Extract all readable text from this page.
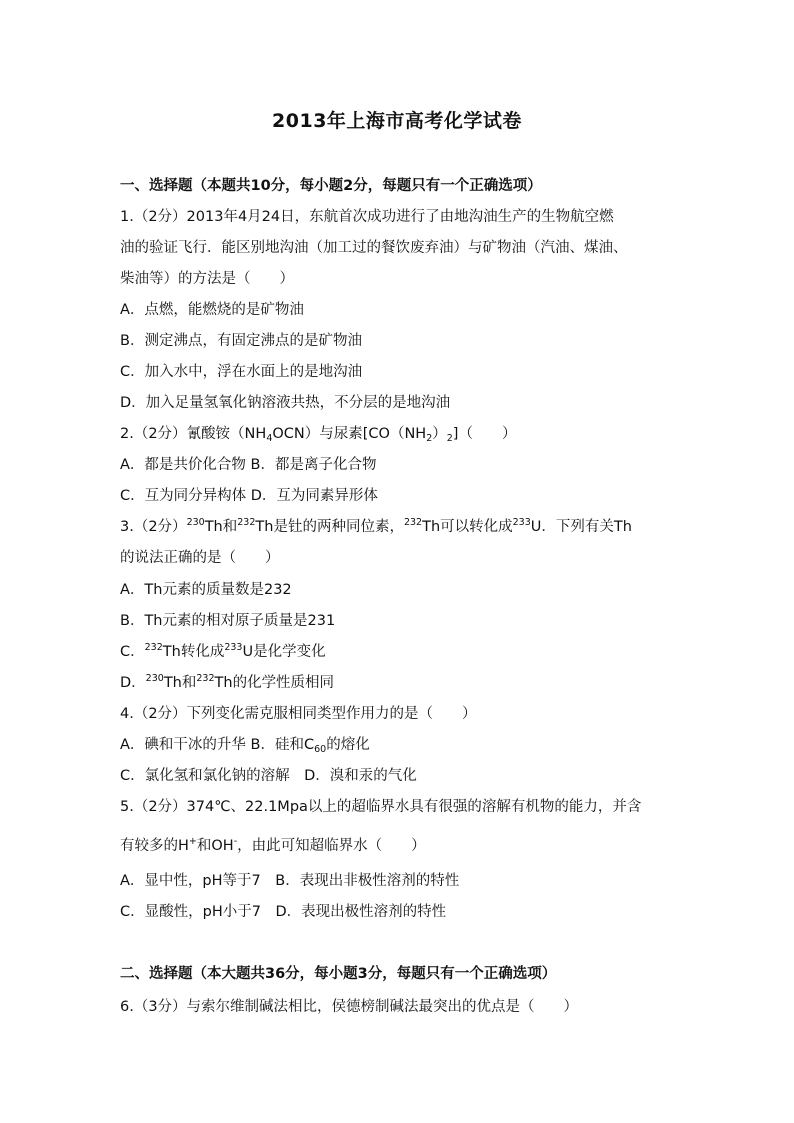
2013年上海市高考化学试卷
一、选择题（本题共10分，每小题2分，每题只有一个正确选项）
1.（2分）2013年4月24日，东航首次成功进行了由地沟油生产的生物航空燃
油的验证飞行．能区别地沟油（加工过的餐饮废弃油）与矿物油（汽油、煤油、
柴油等）的方法是（　　）
A．点燃，能燃烧的是矿物油
B．测定沸点，有固定沸点的是矿物油
C．加入水中，浮在水面上的是地沟油
D．加入足量氢氧化钠溶液共热，不分层的是地沟油
2.（2分）氰酸铵$(NH_4OCN)$与尿素$[CO(NH_2)_2]$（　　）
A．都是共价化合物 B．都是离子化合物
C．互为同分异构体 D．互为同素异形体
3.（2分）$^{230}$Th和$^{232}$Th是钍的两种同位素，$^{232}$Th可以转化成$^{233}$U．下列有关Th
的说法正确的是（　　）
A．Th元素的质量数是232
B．Th元素的相对原子质量是231
C．$^{232}$Th转化成$^{233}$U是化学变化
D．$^{230}$Th和$^{232}$Th的化学性质相同
4.（2分）下列变化需克服相同类型作用力的是（　　）
A．碘和干冰的升华 B．硅和$C_{60}$的熔化
C．氯化氢和氯化钠的溶解　D．溴和汞的气化
5.（2分）374℃、22.1Mpa以上的超临界水具有很强的溶解有机物的能力，并含
有较多的H+和OH-，由此可知超临界水（　　）
A．显中性，pH等于7　B．表现出非极性溶剂的特性
C．显酸性，pH小于7　D．表现出极性溶剂的特性
二、选择题（本大题共36分，每小题3分，每题只有一个正确选项）
6.（3分）与索尔维制碱法相比，侯德榜制碱法最突出的优点是（　　）
